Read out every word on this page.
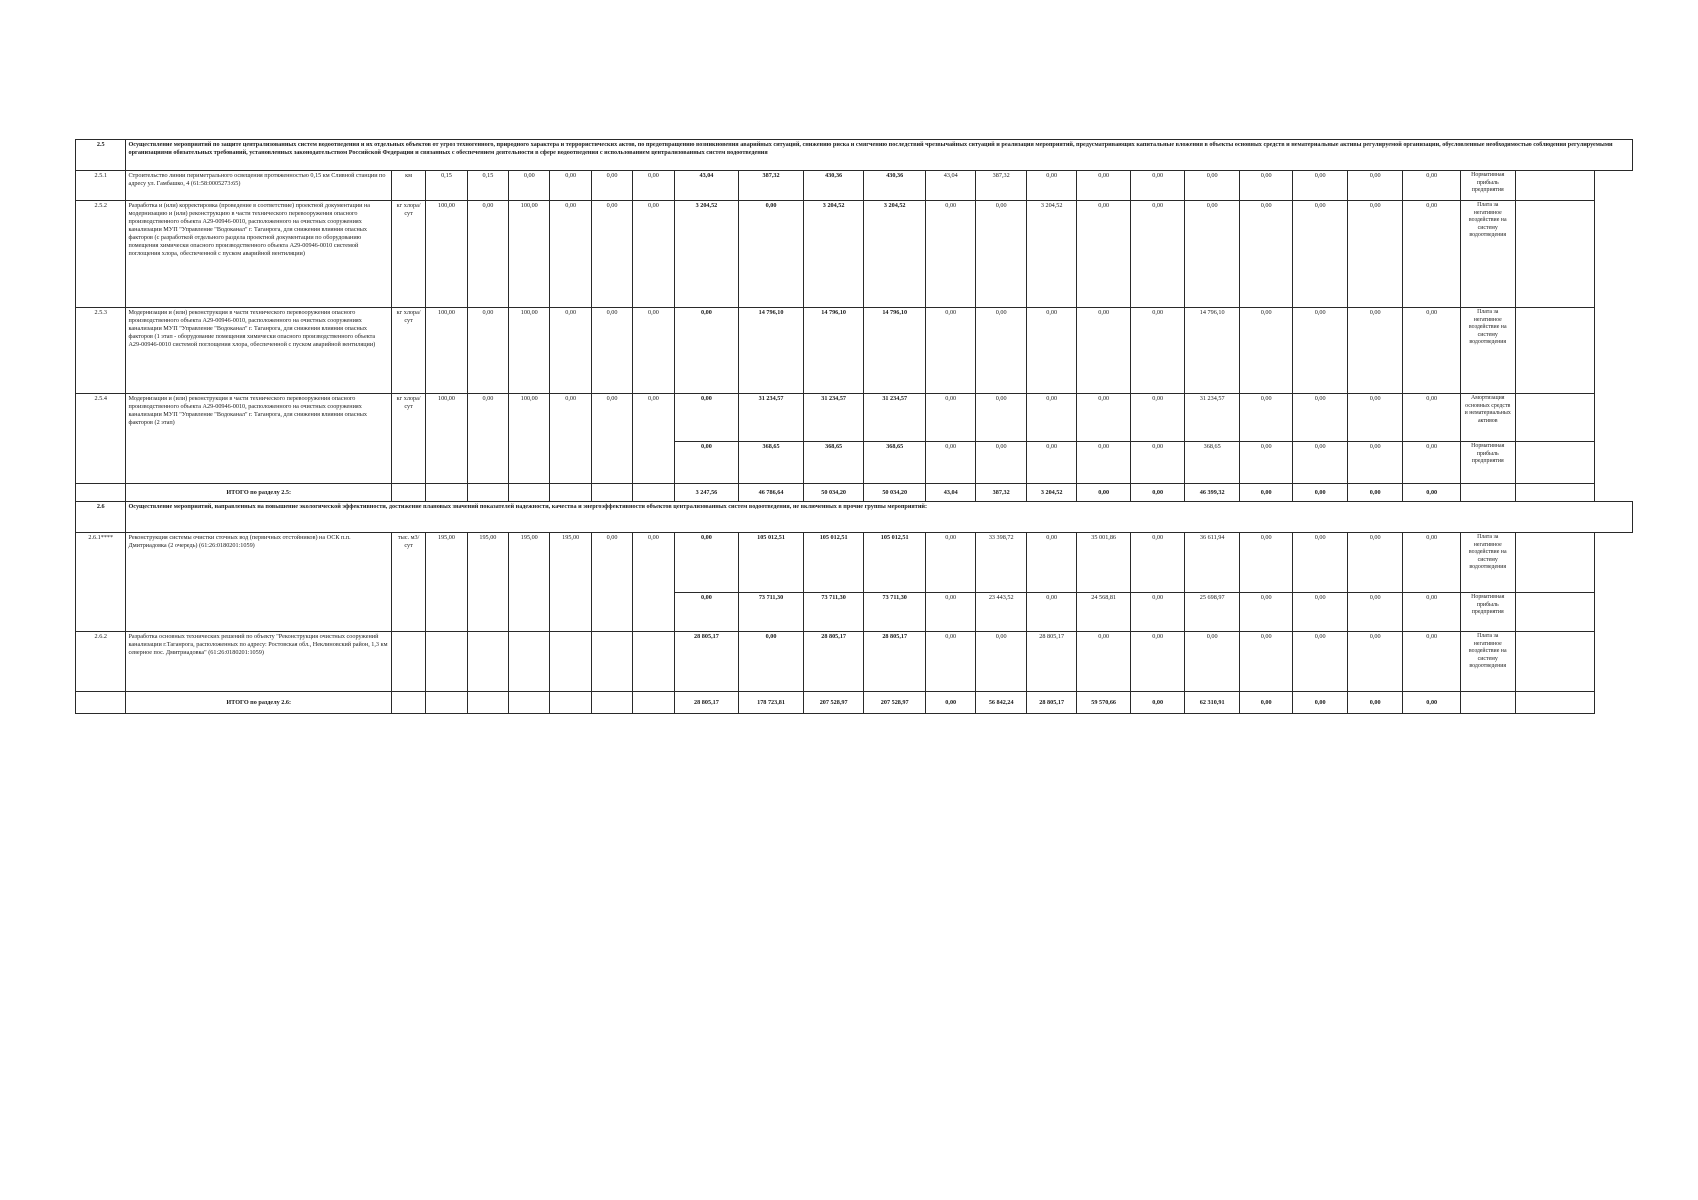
2.5	Осуществление мероприятий по защите централизованных систем водоотведения и их отдельных объектов от угроз техногенного, природного характера и террористических актов, по предотвращению возникновения аварийных ситуаций, снижению риска и смягчению последствий чрезвычайных ситуаций и реализация мероприятий, предусматривающих капитальные вложения в объекты основных средств и нематериальные активы регулируемой организации, обусловленные необходимостью соблюдения регулируемыми организациями обязательных требований, установленных законодательством Российской Федерации и связанных с обеспечением деятельности в сфере водоотведения с использованием централизованных систем водоотведения																							
2.5.1	Строительство линии периметрального освещения протяженностью 0,15 км Сливной станции по адресу ул. Гамбашко, 4 (61:58:0005273:65)	км	0,15	0,15	0,00	0,00	0,00	0,00	43,04	387,32	430,36	430,36	43,04	387,32	0,00	0,00	0,00	0,00	0,00	0,00	0,00	0,00	Нормативная прибыль предприятия	
2.5.2	Разработка и (или) корректировка (проведение в соответствие) проектной документации на модернизацию и (или) реконструкцию в части технического перевооружения опасного производственного объекта А29-00946-0010, расположенного на очистных сооружениях канализации МУП "Управление "Водоканал" г. Таганрога, для снижения влияния опасных факторов (с разработкой отдельного раздела проектной документации по оборудованию помещения химически опасного производственного объекта А29-00946-0010 системой поглощения хлора, обеспеченной с пуском аварийной вентиляции)	кг хлора/сут	100,00	0,00	100,00	0,00	0,00	0,00	3 204,52	0,00	3 204,52	3 204,52	0,00	0,00	3 204,52	0,00	0,00	0,00	0,00	0,00	0,00	0,00	Плата за негативное воздействие на систему водоотведения	
2.5.3	Модернизация и (или) реконструкция в части технического перевооружения опасного производственного объекта А29-00946-0010, расположенного на очистных сооружениях канализации МУП "Управление "Водоканал" г. Таганрога, для снижения влияния опасных факторов (1 этап - оборудование помещения химически опасного производственного объекта А29-00946-0010 системой поглощения хлора, обеспеченной с пуском аварийной вентиляции)	кг хлора/сут	100,00	0,00	100,00	0,00	0,00	0,00	0,00	14 796,10	14 796,10	14 796,10	0,00	0,00	0,00	0,00	0,00	14 796,10	0,00	0,00	0,00	0,00	Плата за негативное воздействие на систему водоотведения	
2.5.4	Модернизация и (или) реконструкция в части технического перевооружения опасного производственного объекта А29-00946-0010, расположенного на очистных сооружениях канализации МУП "Управление "Водоканал" г. Таганрога, для снижения влияния опасных факторов (2 этап)	кг хлора/сут	100,00	0,00	100,00	0,00	0,00	0,00	0,00	31 234,57	31 234,57	31 234,57	0,00	0,00	0,00	0,00	0,00	31 234,57	0,00	0,00	0,00	0,00	Амортизация основных средств и нематериальных активов	
									0,00	368,65	368,65	368,65	0,00	0,00	0,00	0,00	0,00	368,65	0,00	0,00	0,00	0,00	Нормативная прибыль предприятия	
	ИТОГО по разделу 2.5:								3 247,56	46 786,64	50 034,20	50 034,20	43,04	387,32	3 204,52	0,00	0,00	46 399,32	0,00	0,00	0,00	0,00		
2.6	Осуществление мероприятий, направленных на повышение экологической эффективности, достижение плановых значений показателей надежности, качества и энергоэффективности объектов централизованных систем водоотведения, не включенных в прочие группы мероприятий:																							
2.6.1****	Реконструкция системы очистки сточных вод (первичных отстойников) на ОСК п.п. Дмитриадовка (2 очередь) (61:26:0180201:1059)	тыс. м3/сут	195,00	195,00	195,00	195,00	0,00	0,00	0,00	105 012,51	105 012,51	105 012,51	0,00	33 398,72	0,00	35 001,86	0,00	36 611,94	0,00	0,00	0,00	0,00	Плата за негативное воздействие на систему водоотведения	
									0,00	73 711,30	73 711,30	73 711,30	0,00	23 443,52	0,00	24 568,81	0,00	25 698,97	0,00	0,00	0,00	0,00	Нормативная прибыль предприятия	
2.6.2	Разработка основных технических решений по объекту "Реконструкция очистных сооружений канализации г.Таганрога, расположенных по адресу: Ростовская обл., Неклиновский район, 1,3 км северное пос. Дмитриадовка" (61:26:0180201:1059)								28 805,17	0,00	28 805,17	28 805,17	0,00	0,00	28 805,17	0,00	0,00	0,00	0,00	0,00	0,00	0,00	Плата за негативное воздействие на систему водоотведения	
	ИТОГО по разделу 2.6:								28 805,17	178 723,81	207 528,97	207 528,97	0,00	56 842,24	28 805,17	59 570,66	0,00	62 310,91	0,00	0,00	0,00	0,00		
